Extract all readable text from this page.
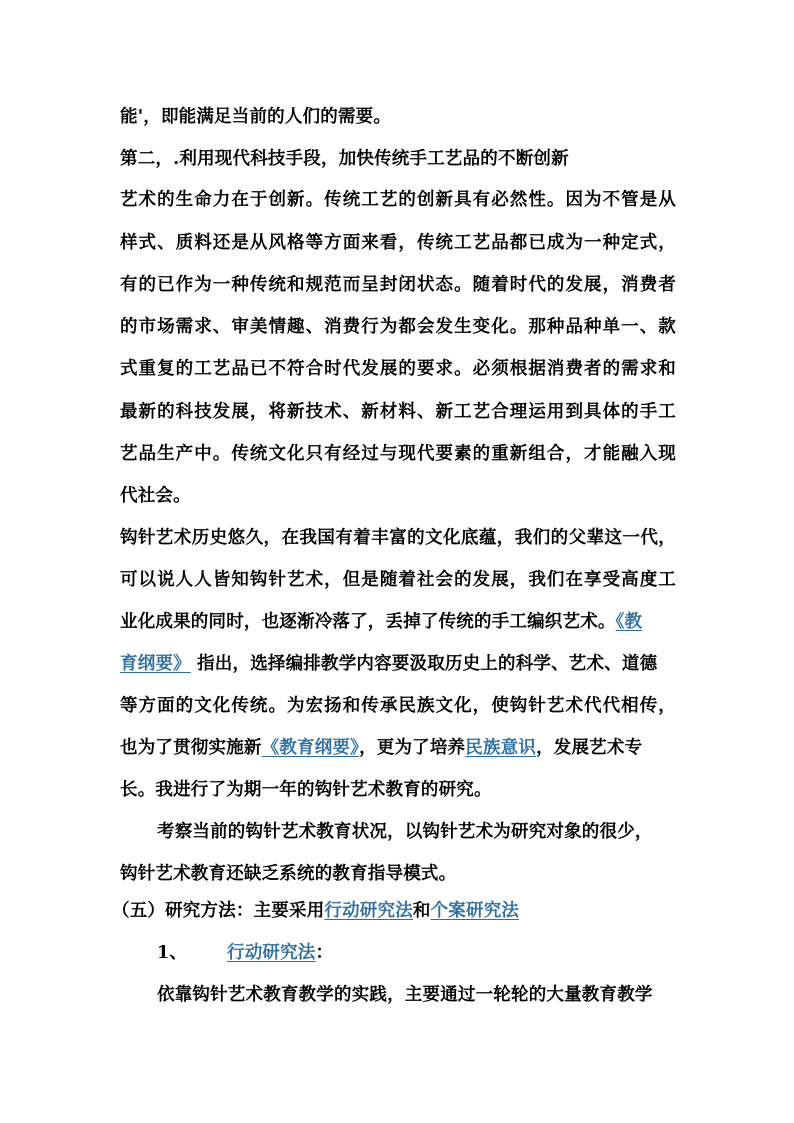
能'，即能满足当前的人们的需要。
第二，.利用现代科技手段，加快传统手工艺品的不断创新
艺术的生命力在于创新。传统工艺的创新具有必然性。因为不管是从
样式、质料还是从风格等方面来看，传统工艺品都已成为一种定式，
有的已作为一种传统和规范而呈封闭状态。随着时代的发展，消费者
的市场需求、审美情趣、消费行为都会发生变化。那种品种单一、款
式重复的工艺品已不符合时代发展的要求。必须根据消费者的需求和
最新的科技发展，将新技术、新材料、新工艺合理运用到具体的手工
艺品生产中。传统文化只有经过与现代要素的重新组合，才能融入现
代社会。
钩针艺术历史悠久，在我国有着丰富的文化底蕴，我们的父辈这一代，
可以说人人皆知钩针艺术，但是随着社会的发展，我们在享受高度工
业化成果的同时，也逐渐冷落了，丢掉了传统的手工编织艺术。《教
育纲要》 指出，选择编排教学内容要汲取历史上的科学、艺术、道德
等方面的文化传统。为宏扬和传承民族文化，使钩针艺术代代相传，
也为了贯彻实施新《教育纲要》，更为了培养民族意识，发展艺术专
长。我进行了为期一年的钩针艺术教育的研究。
考察当前的钩针艺术教育状况，以钩针艺术为研究对象的很少，
钩针艺术教育还缺乏系统的教育指导模式。
（五）研究方法：主要采用行动研究法和个案研究法
1、 行动研究法：
依靠钩针艺术教育教学的实践，主要通过一轮轮的大量教育教学
